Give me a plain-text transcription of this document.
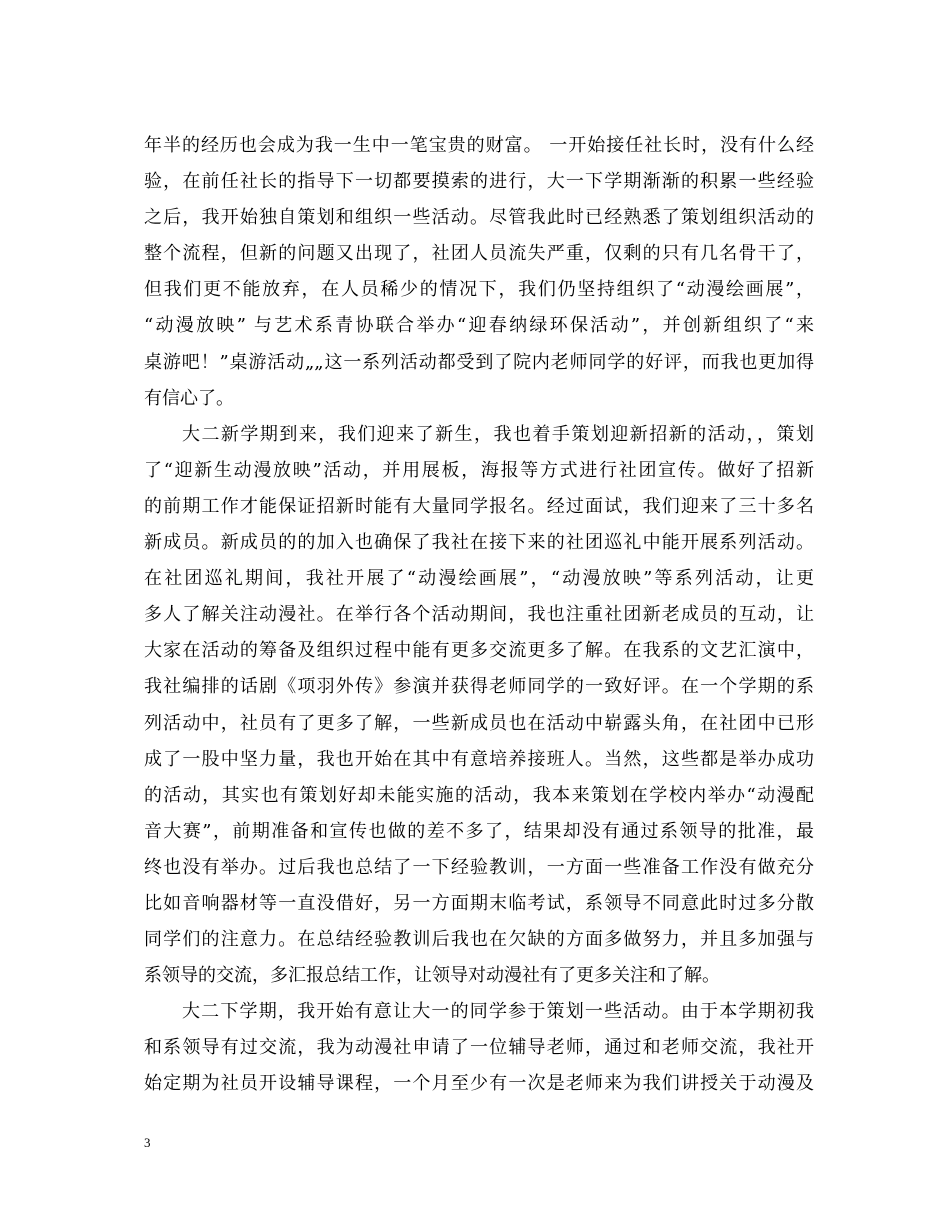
年半的经历也会成为我一生中一笔宝贵的财富。 一开始接任社长时，没有什么经
验，在前任社长的指导下一切都要摸索的进行，大一下学期渐渐的积累一些经验
之后，我开始独自策划和组织一些活动。尽管我此时已经熟悉了策划组织活动的
整个流程，但新的问题又出现了，社团人员流失严重，仅剩的只有几名骨干了，
但我们更不能放弃，在人员稀少的情况下，我们仍坚持组织了“动漫绘画展”，
“动漫放映” 与艺术系青协联合举办“迎春纳绿环保活动”，并创新组织了“来
桌游吧！”桌游活动„„这一系列活动都受到了院内老师同学的好评，而我也更加得
有信心了。
大二新学期到来，我们迎来了新生，我也着手策划迎新招新的活动，，策划
了“迎新生动漫放映”活动，并用展板，海报等方式进行社团宣传。做好了招新
的前期工作才能保证招新时能有大量同学报名。经过面试，我们迎来了三十多名
新成员。新成员的的加入也确保了我社在接下来的社团巡礼中能开展系列活动。
在社团巡礼期间，我社开展了“动漫绘画展”，“动漫放映”等系列活动，让更
多人了解关注动漫社。在举行各个活动期间，我也注重社团新老成员的互动，让
大家在活动的筹备及组织过程中能有更多交流更多了解。在我系的文艺汇演中，
我社编排的话剧《项羽外传》参演并获得老师同学的一致好评。在一个学期的系
列活动中，社员有了更多了解，一些新成员也在活动中崭露头角，在社团中已形
成了一股中坚力量，我也开始在其中有意培养接班人。当然，这些都是举办成功
的活动，其实也有策划好却未能实施的活动，我本来策划在学校内举办“动漫配
音大赛”，前期准备和宣传也做的差不多了，结果却没有通过系领导的批准，最
终也没有举办。过后我也总结了一下经验教训，一方面一些准备工作没有做充分
比如音响器材等一直没借好，另一方面期末临考试，系领导不同意此时过多分散
同学们的注意力。在总结经验教训后我也在欠缺的方面多做努力，并且多加强与
系领导的交流，多汇报总结工作，让领导对动漫社有了更多关注和了解。
大二下学期，我开始有意让大一的同学参于策划一些活动。由于本学期初我
和系领导有过交流，我为动漫社申请了一位辅导老师，通过和老师交流，我社开
始定期为社员开设辅导课程，一个月至少有一次是老师来为我们讲授关于动漫及
3
